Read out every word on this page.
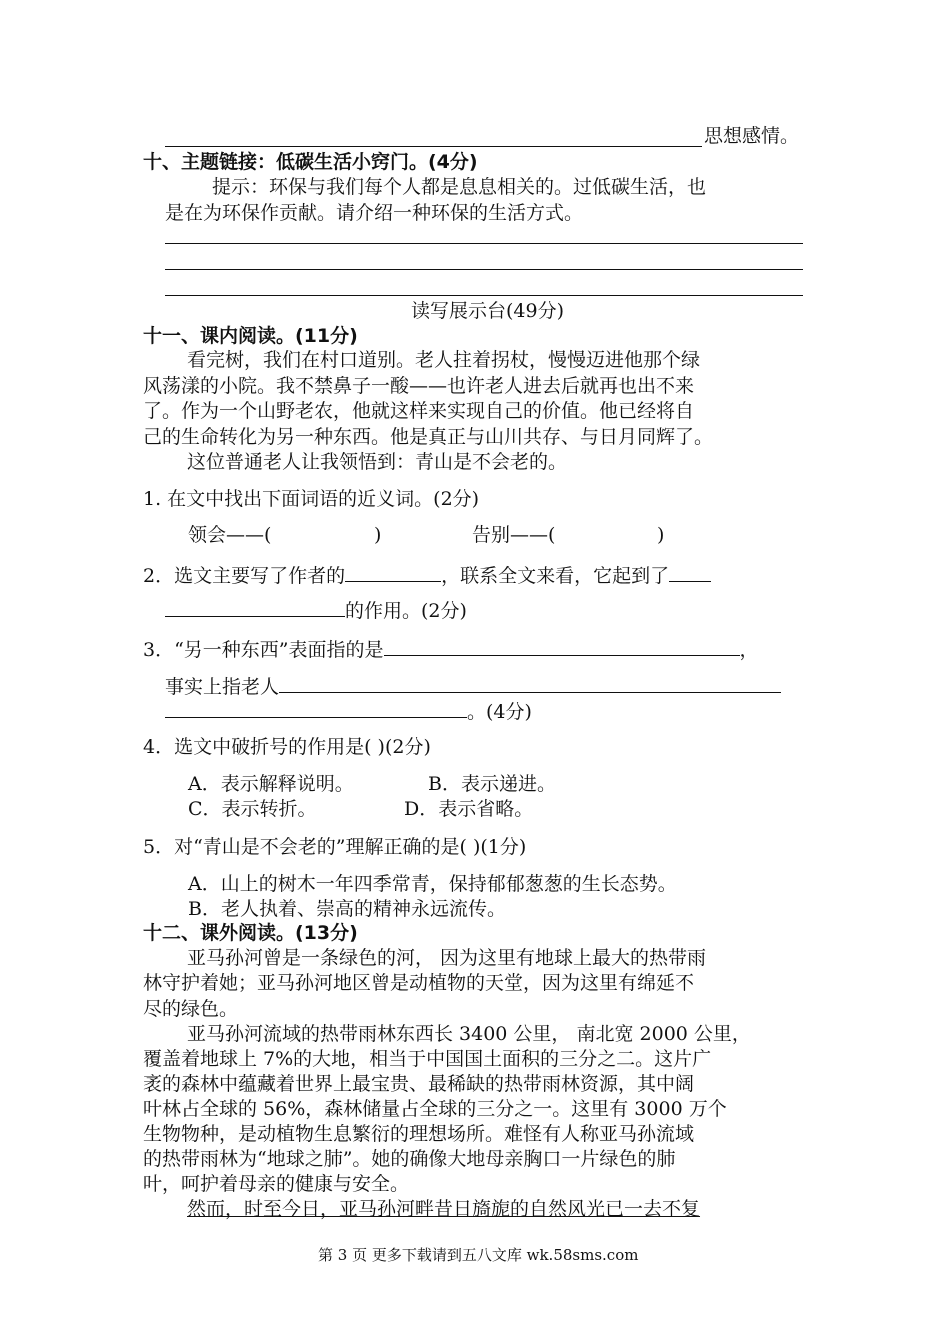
思想感情。
十、主题链接：低碳生活小窍门。(4分)
提示：环保与我们每个人都是息息相关的。过低碳生活，也
是在为环保作贡献。请介绍一种环保的生活方式。
读写展示台(49分)
十一、课内阅读。(11分)
看完树，我们在村口道别。老人拄着拐杖，慢慢迈进他那个绿
风荡漾的小院。我不禁鼻子一酸——也许老人进去后就再也出不来
了。作为一个山野老农，他就这样来实现自己的价值。他已经将自
己的生命转化为另一种东西。他是真正与山川共存、与日月同辉了。
这位普通老人让我领悟到：青山是不会老的。
1. 在文中找出下面词语的近义词。(2分)
领会——(	)	告别——(	)
2．选文主要写了作者的	，联系全文来看，它起到了
的作用。(2分)
3．“另一种东西”表面指的是	，
事实上指老人
。(4分)
4．选文中破折号的作用是( )(2分)
A．表示解释说明。	B．表示递进。
C．表示转折。	D．表示省略。
5．对“青山是不会老的”理解正确的是( )(1分)
A．山上的树木一年四季常青，保持郁郁葱葱的生长态势。
B．老人执着、崇高的精神永远流传。
十二、课外阅读。(13分)
亚马孙河曾是一条绿色的河， 因为这里有地球上最大的热带雨
林守护着她；亚马孙河地区曾是动植物的天堂，因为这里有绵延不
尽的绿色。
亚马孙河流域的热带雨林东西长 3400 公里， 南北宽 2000 公里，
覆盖着地球上 7%的大地，相当于中国国土面积的三分之二。这片广
袤的森林中蕴藏着世界上最宝贵、最稀缺的热带雨林资源，其中阔
叶林占全球的 56%，森林储量占全球的三分之一。这里有 3000 万个
生物物种，是动植物生息繁衍的理想场所。难怪有人称亚马孙流域
的热带雨林为“地球之肺”。她的确像大地母亲胸口一片绿色的肺
叶，呵护着母亲的健康与安全。
然而，时至今日，亚马孙河畔昔日旖旎的自然风光已一去不复
第 3 页 更多下载请到五八文库 wk.58sms.com
